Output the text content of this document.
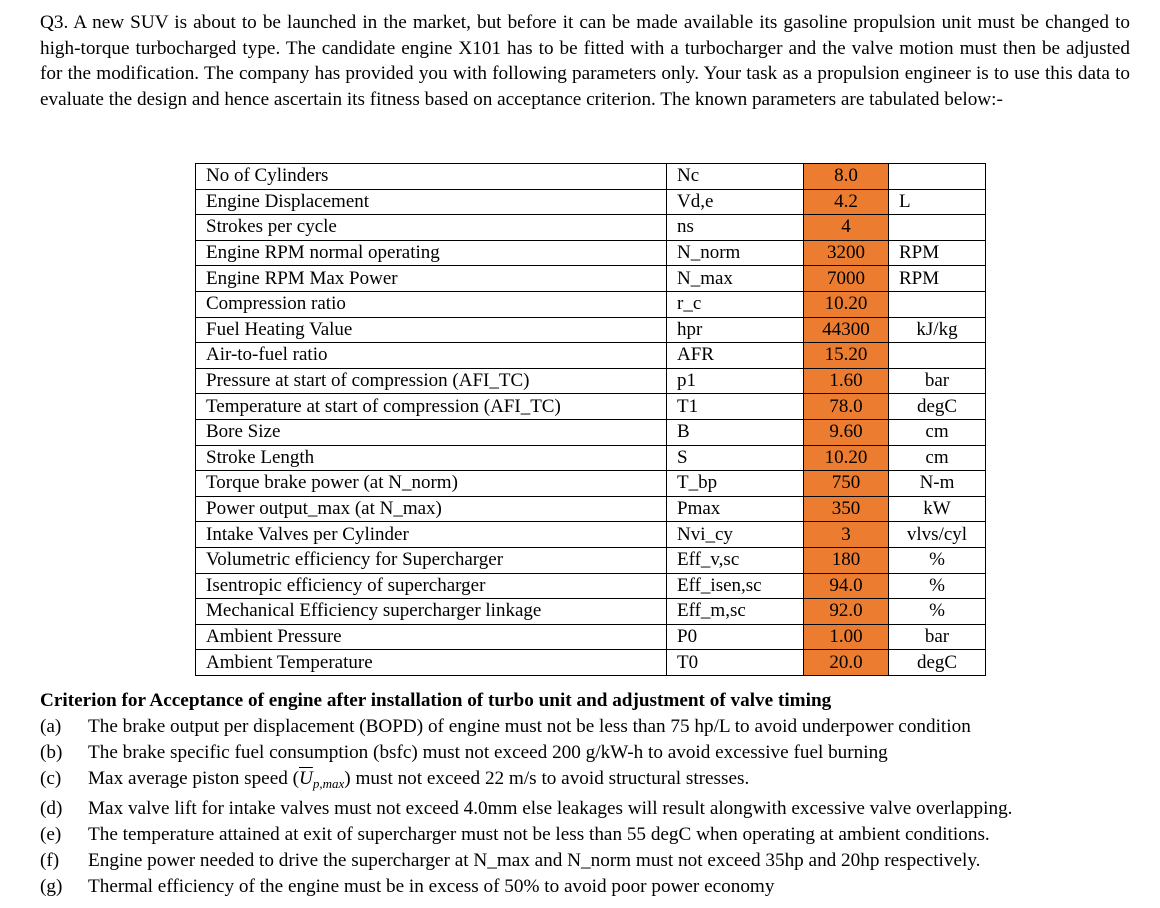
Q3. A new SUV is about to be launched in the market, but before it can be made available its gasoline propulsion unit must be changed to high-torque turbocharged type. The candidate engine X101 has to be fitted with a turbocharger and the valve motion must then be adjusted for the modification. The company has provided you with following parameters only. Your task as a propulsion engineer is to use this data to evaluate the design and hence ascertain its fitness based on acceptance criterion. The known parameters are tabulated below:-

No of Cylinders	Nc	8.0	
Engine Displacement	Vd,e	4.2	L
Strokes per cycle	ns	4	
Engine RPM normal operating	N_norm	3200	RPM
Engine RPM Max Power	N_max	7000	RPM
Compression ratio	r_c	10.20	
Fuel Heating Value	hpr	44300	kJ/kg
Air-to-fuel ratio	AFR	15.20	
Pressure at start of compression (AFI_TC)	p1	1.60	bar
Temperature at start of compression (AFI_TC)	T1	78.0	degC
Bore Size	B	9.60	cm
Stroke Length	S	10.20	cm
Torque brake power (at N_norm)	T_bp	750	N-m
Power output_max (at N_max)	Pmax	350	kW
Intake Valves per Cylinder	Nvi_cy	3	vlvs/cyl
Volumetric efficiency for Supercharger	Eff_v,sc	180	%
Isentropic efficiency of supercharger	Eff_isen,sc	94.0	%
Mechanical Efficiency supercharger linkage	Eff_m,sc	92.0	%
Ambient Pressure	P0	1.00	bar
Ambient Temperature	T0	20.0	degC
Criterion for Acceptance of engine after installation of turbo unit and adjustment of valve timing
(a)	The brake output per displacement (BOPD) of engine must not be less than 75 hp/L to avoid underpower condition
(b)	The brake specific fuel consumption (bsfc) must not exceed 200 g/kW-h to avoid excessive fuel burning
(c)	Max average piston speed $(\overline{U}_{p,max})$ must not exceed 22 m/s to avoid structural stresses.
(d)	Max valve lift for intake valves must not exceed 4.0mm else leakages will result alongwith excessive valve overlapping.
(e)	The temperature attained at exit of supercharger must not be less than 55 degC when operating at ambient conditions.
(f)	Engine power needed to drive the supercharger at N_max and N_norm must not exceed 35hp and 20hp respectively.
(g)	Thermal efficiency of the engine must be in excess of 50% to avoid poor power economy
